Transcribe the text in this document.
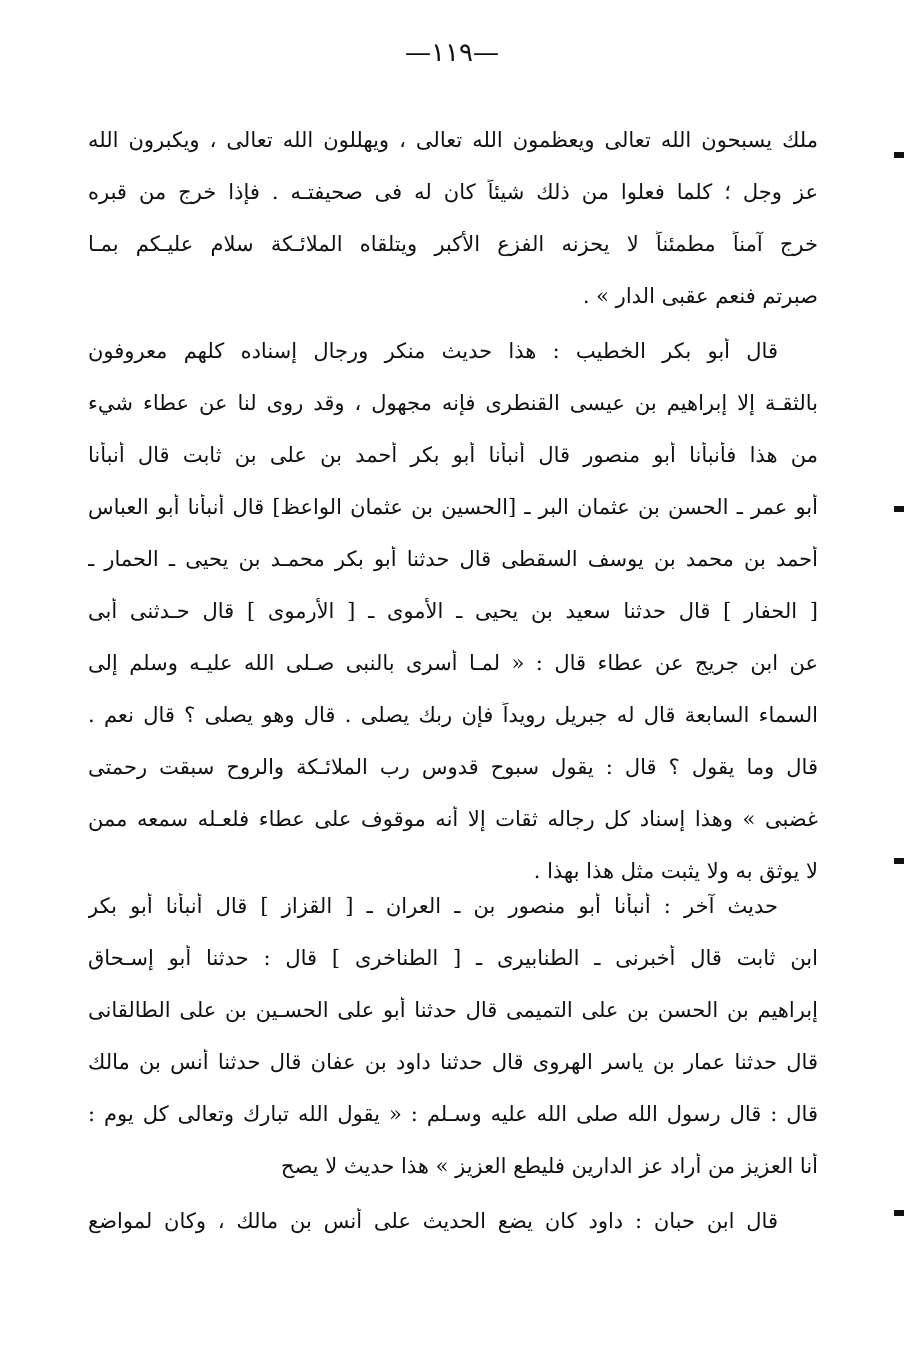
—١١٩—
ملك يسبحون الله تعالى ويعظمون الله تعالى ، ويهللون الله تعالى ، ويكبرون الله
عز وجل ؛ كلما فعلوا من ذلك شيئاً كان له فى صحيفتـه . فإذا خرج من قبره
خرج آمناً مطمئناً لا يحزنه الفزع الأكبر ويتلقاه الملائـكة سلام عليـكم بمـا
صبرتم فنعم عقبى الدار » .
قال أبو بكر الخطيب : هذا حديث منكر ورجال إسناده كلهم معروفون
بالثقـة إلا إبراهيم بن عيسى القنطرى فإنه مجهول ، وقد روى لنا عن عطاء شيء
من هذا فأنبأنا أبو منصور قال أنبأنا أبو بكر أحمد بن على بن ثابت قال أنبأنا
أبو عمر ـ الحسن بن عثمان البر ـ [الحسين بن عثمان الواعظ] قال أنبأنا أبو العباس
أحمد بن محمد بن يوسف السقطى قال حدثنا أبو بكر محمـد بن يحيى ـ الحمار ـ
[ الحفار ] قال حدثنا سعيد بن يحيى ـ الأموى ـ [ الأرموى ] قال حـدثنى أبى
عن ابن جريج عن عطاء قال : « لمـا أسرى بالنبى صـلى الله عليـه وسلم إلى
السماء السابعة قال له جبريل رويداً فإن ربك يصلى . قال وهو يصلى ؟ قال نعم .
قال وما يقول ؟ قال : يقول سبوح قدوس رب الملائـكة والروح سبقت رحمتى
غضبى » وهذا إسناد كل رجاله ثقات إلا أنه موقوف على عطاء فلعـله سمعه ممن
لا يوثق به ولا يثبت مثل هذا بهذا .
حديث آخر : أنبأنا أبو منصور بن ـ العران ـ [ القزاز ] قال أنبأنا أبو بكر
ابن ثابت قال أخبرنى ـ الطنابيرى ـ [ الطناخرى ] قال : حدثنا أبو إسـحاق
إبراهيم بن الحسن بن على التميمى قال حدثنا أبو على الحسـين بن على الطالقانى
قال حدثنا عمار بن ياسر الهروى قال حدثنا داود بن عفان قال حدثنا أنس بن مالك
قال : قال رسول الله صلى الله عليه وسـلم : « يقول الله تبارك وتعالى كل يوم :
أنا العزيز من أراد عز الدارين فليطع العزيز » هذا حديث لا يصح
قال ابن حبان : داود كان يضع الحديث على أنس بن مالك ، وكان لمواضع
